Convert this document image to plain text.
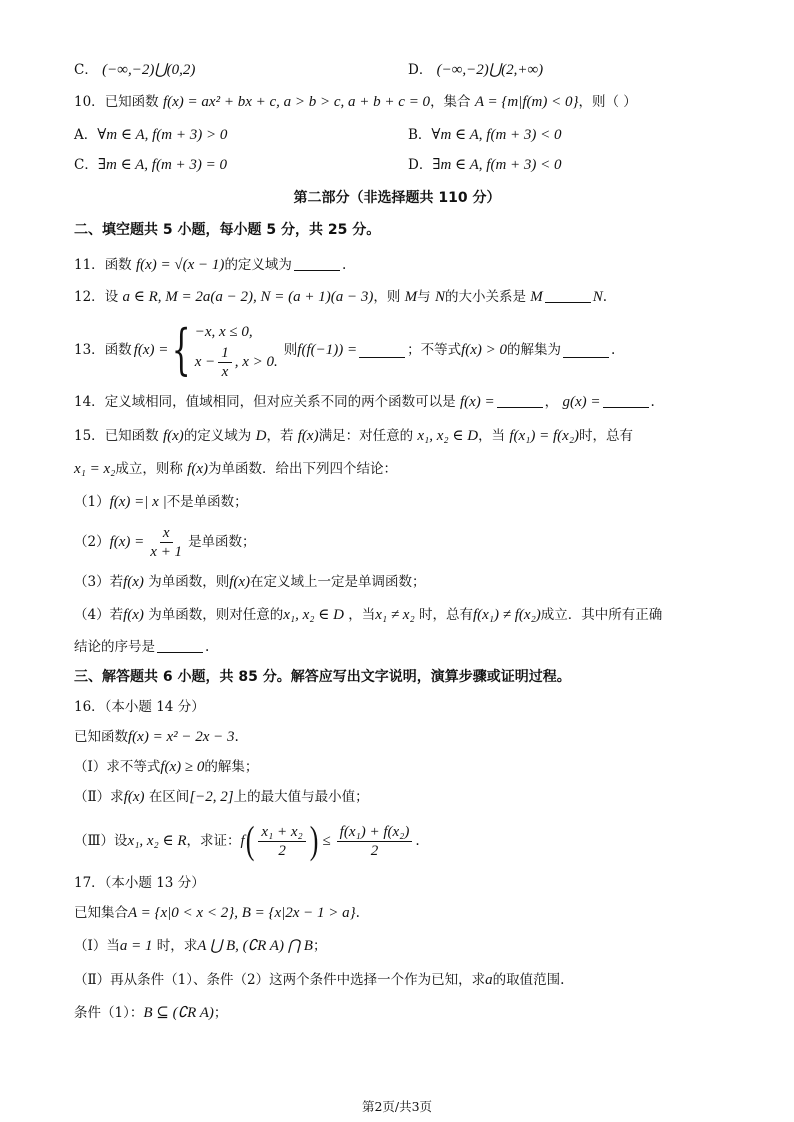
C． (−∞,−2)⋃(0,2)	D． (−∞,−2)⋃(2,+∞)
10．已知函数 f(x) = ax² + bx + c, a > b > c, a + b + c = 0，集合 A = {m|f(m) < 0}，则（ ）
A．∀m ∈ A, f(m + 3) > 0	B．∀m ∈ A, f(m + 3) < 0
C．∃m ∈ A, f(m + 3) = 0	D．∃m ∈ A, f(m + 3) < 0
第二部分（非选择题共 110 分）
二、填空题共 5 小题，每小题 5 分，共 25 分。
11．函数 f(x) = √(x − 1)的定义域为	.
12．设 a ∈ R, M = 2a(a − 2), N = (a + 1)(a − 3)，则 M与 N的大小关系是 M	N.
13． 函数 f(x) = { −x, x ≤ 0,
$x - \frac{1}{x}$ , x > 0.
则 f(f(−1)) =	；不等式 f(x) > 0 的解集为	.
14．定义域相同，值域相同，但对应关系不同的两个函数可以是 f(x) =	， g(x) =	.
15．已知函数 f(x)的定义域为 D，若 f(x)满足：对任意的 x₁, x₂ ∈ D，当 f(x₁) = f(x₂)时，总有
x₁ = x₂成立，则称 f(x)为单函数．给出下列四个结论：
（1）f(x) =| x |不是单函数；
（2） $f(x) = \frac{x}{x + 1}$ 是单函数；
（3）若f(x) 为单函数，则f(x)在定义域上一定是单调函数；
（4）若f(x) 为单函数，则对任意的x₁, x₂ ∈ D ，当x₁ ≠ x₂ 时，总有f(x₁) ≠ f(x₂)成立．其中所有正确
结论的序号是	.
三、解答题共 6 小题，共 85 分。解答应写出文字说明，演算步骤或证明过程。
16．（本小题 14 分）
已知函数f(x) = x² − 2x − 3.
（Ⅰ）求不等式f(x) ≥ 0的解集；
（Ⅱ）求f(x) 在区间[−2, 2]上的最大值与最小值；
（Ⅲ）设 x₁, x₂ ∈ R ，求证： f ( $\frac{\text{x₁ + x₂}}{2}$ ) ≤ $\frac{\text{f(x₁) + f(x₂)}}{2}$ .
17．（本小题 13 分）
已知集合A = {x|0 < x < 2}, B = {x|2x − 1 > a}.
（Ⅰ）当a = 1 时，求A ⋃ B, (∁R A) ⋂ B；
（Ⅱ）再从条件（1）、条件（2）这两个条件中选择一个作为已知，求a的取值范围.
条件（1）：B ⊆ (∁R A)；
第2页/共3页
